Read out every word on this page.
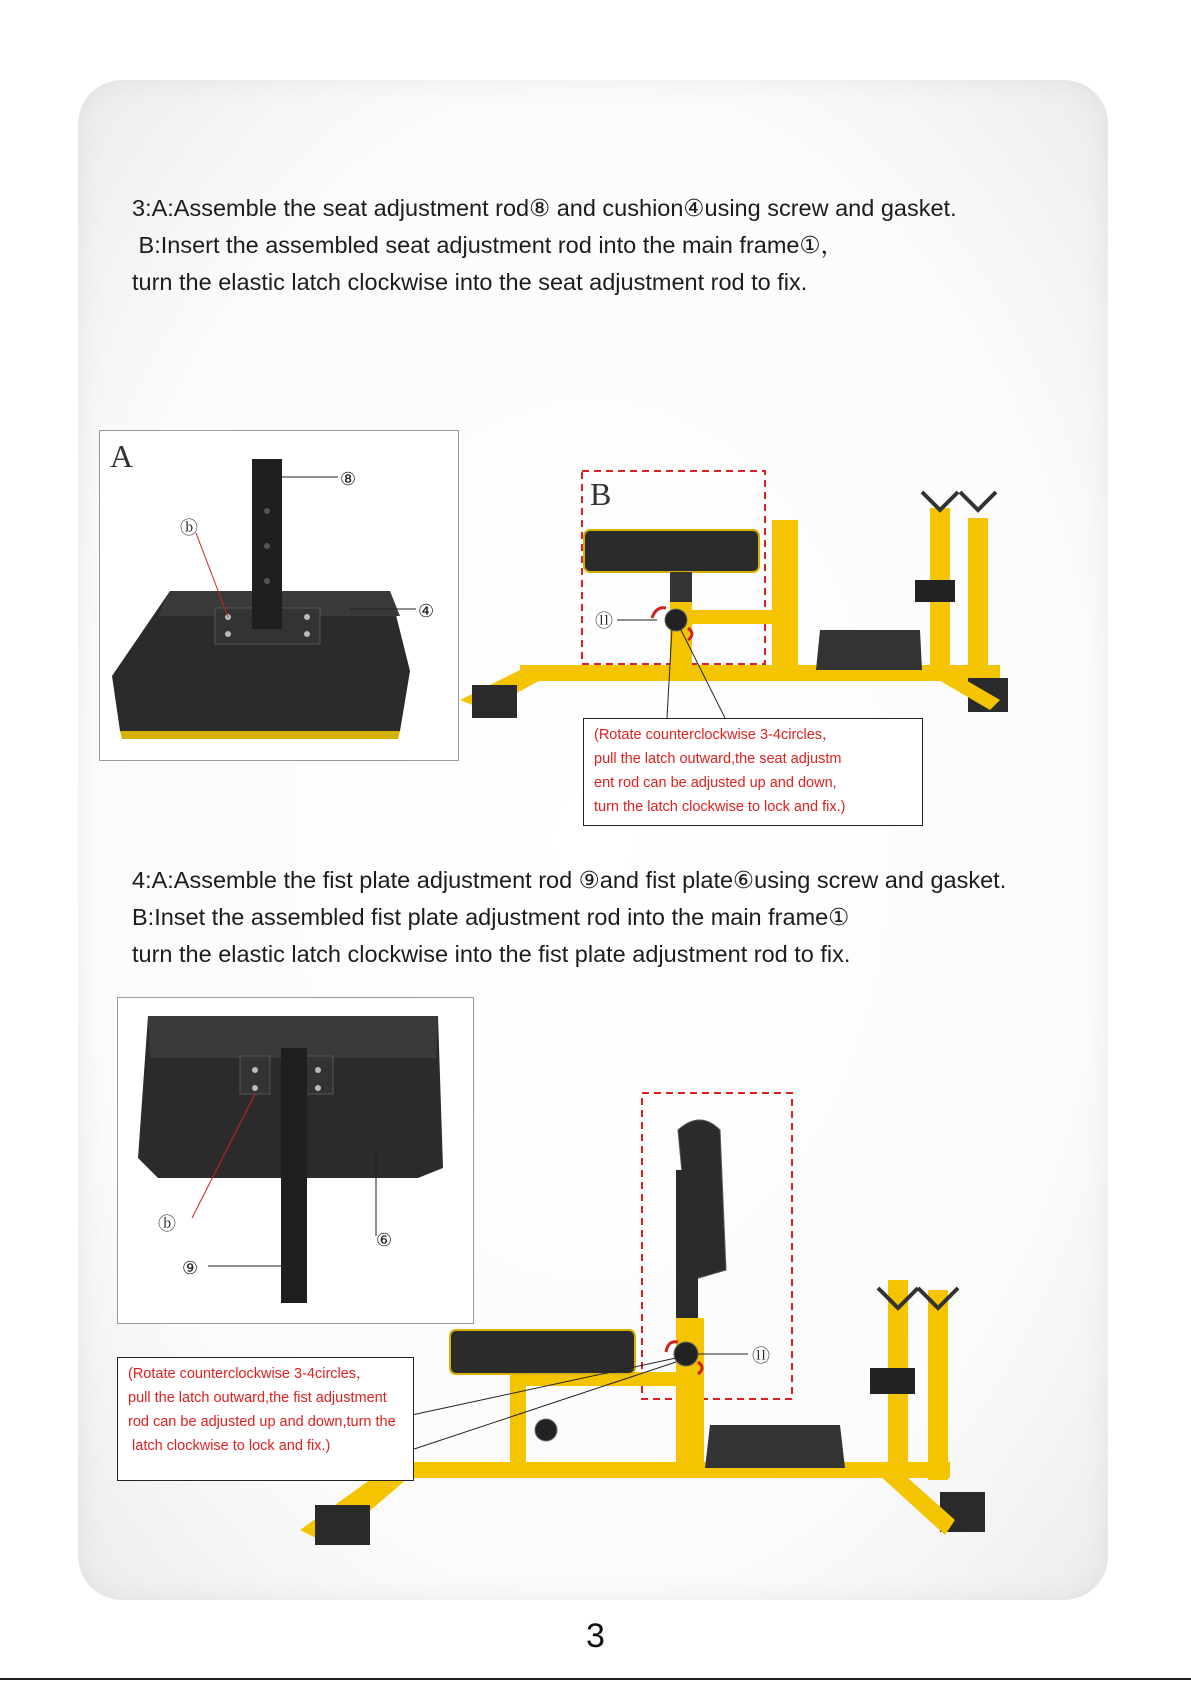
3:A:Assemble the seat adjustment rod⑧ and cushion④using screw and gasket.
B:Insert the assembled seat adjustment rod into the main frame①，
turn the elastic latch clockwise into the seat adjustment rod to fix.
A
⑧
ⓑ
④
B
⑪
(Rotate counterclockwise 3-4circles，
pull the latch outward,the seat adjustm
ent rod can be adjusted up and down,
turn the latch clockwise to lock and fix.)
4:A:Assemble the fist plate adjustment rod ⑨and fist plate⑥using screw and gasket.
B:Inset the assembled fist plate adjustment rod into the main frame①
turn the elastic latch clockwise into the fist plate adjustment rod to fix.
ⓑ
⑨
⑥
⑪
(Rotate counterclockwise 3-4circles，
pull the latch outward,the fist adjustment
rod can be adjusted up and down,turn the
latch clockwise to lock and fix.)
3
